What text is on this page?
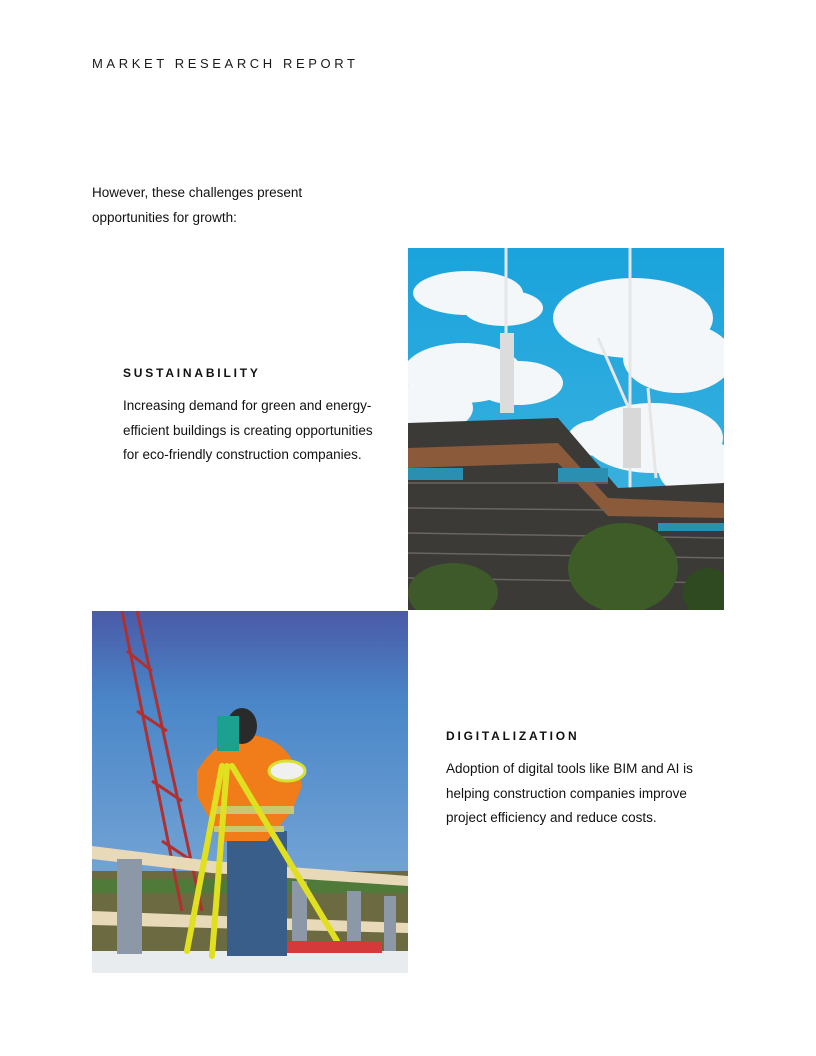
MARKET RESEARCH REPORT
However, these challenges present opportunities for growth:
SUSTAINABILITY

Increasing demand for green and energy-efficient buildings is creating opportunities for eco-friendly construction companies.

DIGITALIZATION

Adoption of digital tools like BIM and AI is helping construction companies improve project efficiency and reduce costs.
